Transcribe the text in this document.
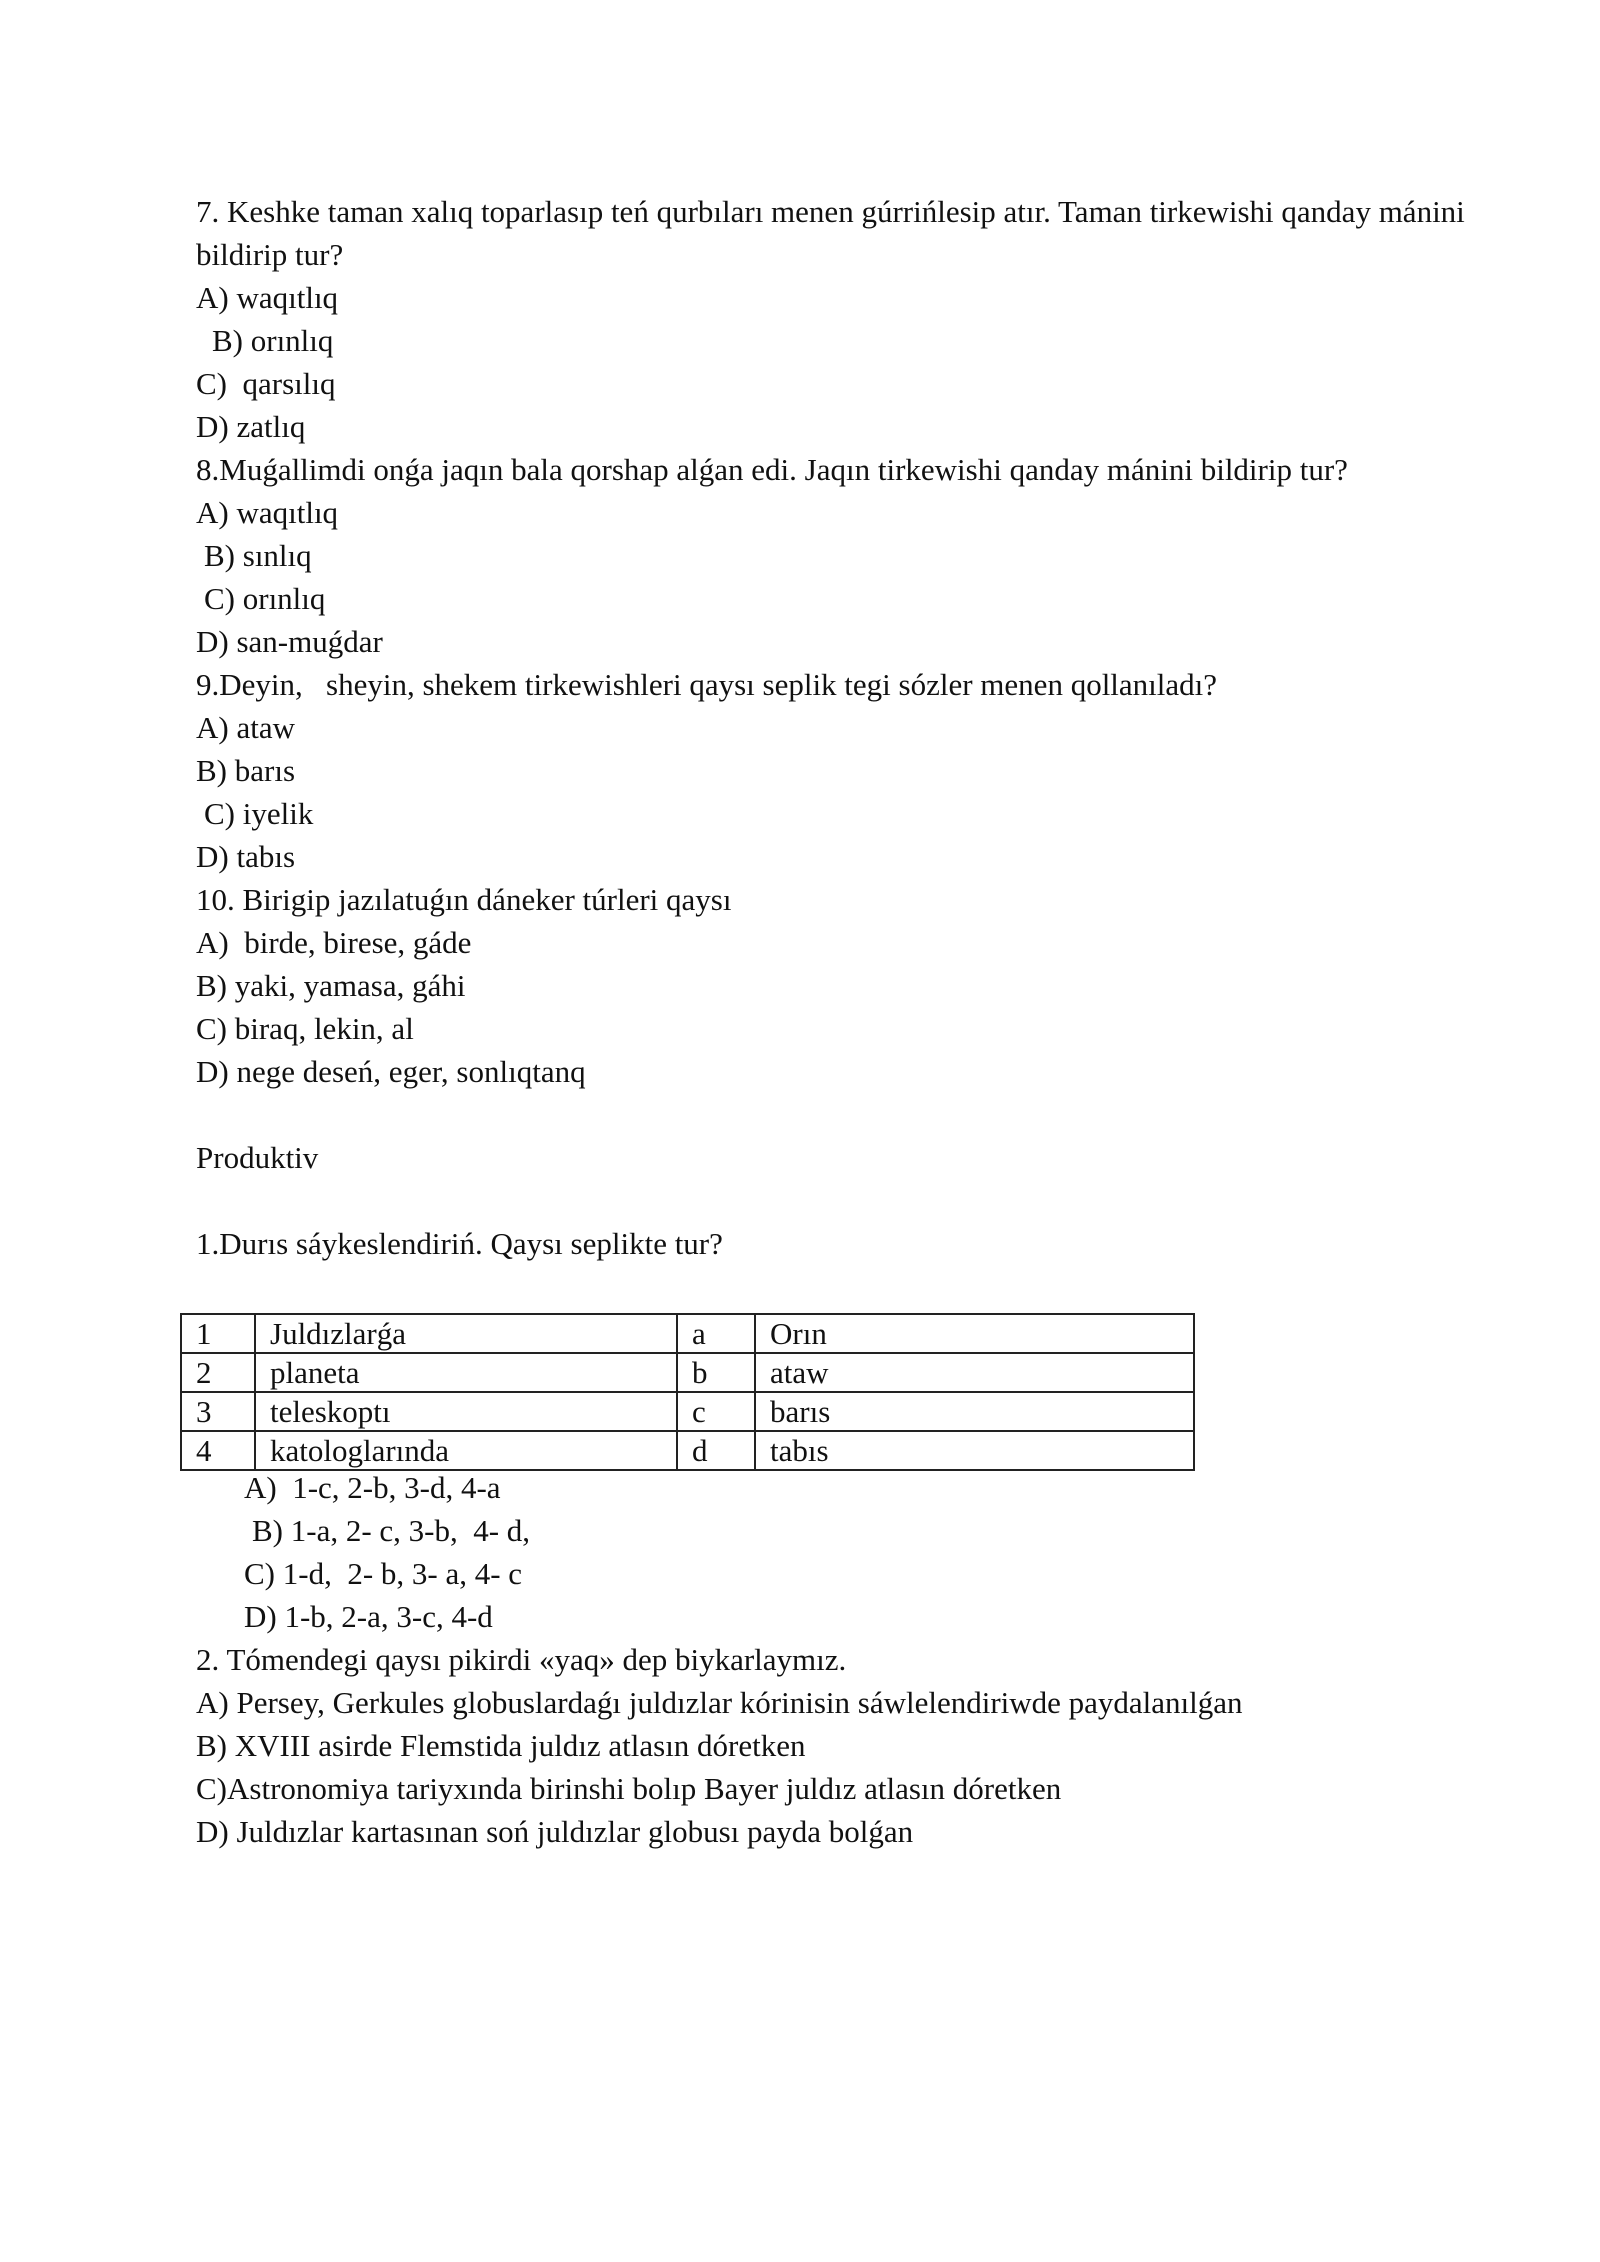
7. Keshke taman xalıq toparlasıp teń qurbıları menen gúrrińlesip atır. Taman tirkewishi qanday mánini bildirip tur?
A) waqıtlıq
B) orınlıq
C)  qarsılıq
D) zatlıq
8.Muǵallimdi onǵa jaqın bala qorshap alǵan edi. Jaqın tirkewishi qanday mánini bildirip tur?
A) waqıtlıq
B) sınlıq
C) orınlıq
D) san-muǵdar
9.Deyin,   sheyin, shekem tirkewishleri qaysı seplik tegi sózler menen qollanıladı?
A) ataw
B) barıs
C) iyelik
D) tabıs
10. Birigip jazılatuǵın dáneker túrleri qaysı
A)  birde, birese, gáde
B) yaki, yamasa, gáhi
C) biraq, lekin, al
D) nege deseń, eger, sonlıqtanq
Produktiv
1.Durıs sáykeslendiriń. Qaysı seplikte tur?
1	Juldızlarǵa	a	Orın
2	planeta	b	ataw
3	teleskoptı	c	barıs
4	katologlarında	d	tabıs
A)  1-c, 2-b, 3-d, 4-a
B) 1-a, 2- c, 3-b,  4- d,
C) 1-d,  2- b, 3- a, 4- c
D) 1-b, 2-a, 3-c, 4-d
2. Tómendegi qaysı pikirdi «yaq» dep biykarlaymız.
A) Persey, Gerkules globuslardaǵı juldızlar kórinisin sáwlelendiriwde paydalanılǵan
B) XVIII asirde Flemstida juldız atlasın dóretken
C)Astronomiya tariyxında birinshi bolıp Bayer juldız atlasın dóretken
D) Juldızlar kartasınan soń juldızlar globusı payda bolǵan
